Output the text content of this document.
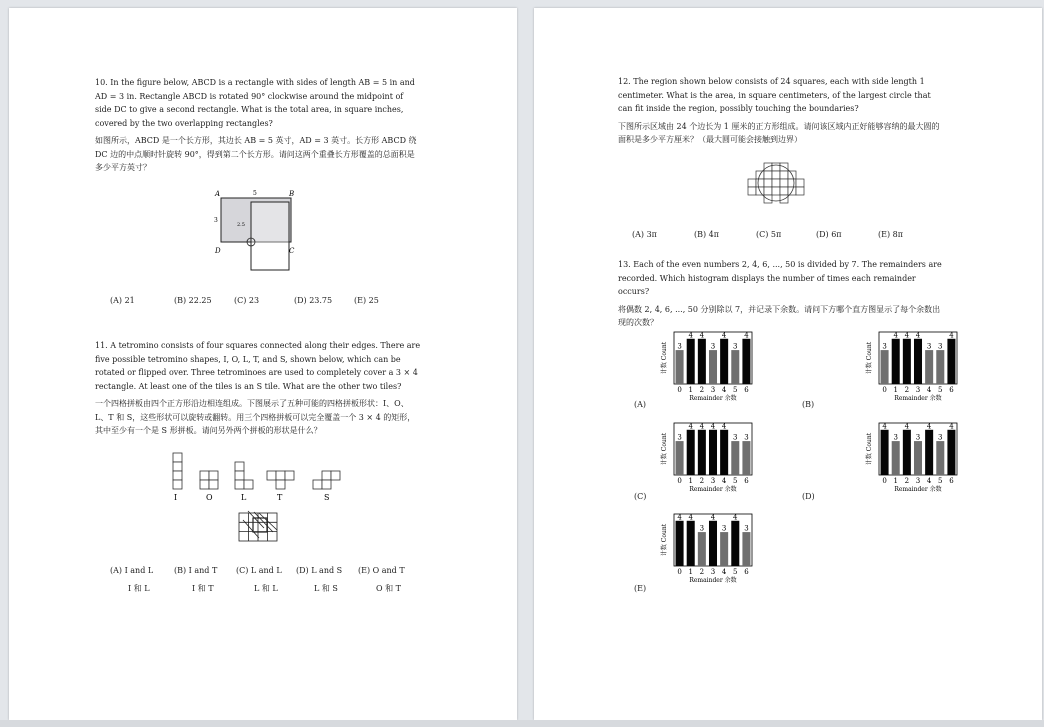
10. In the figure below, ABCD is a rectangle with sides of length AB = 5 in and AD = 3 in. Rectangle ABCD is rotated 90° clockwise around the midpoint of side DC to give a second rectangle. What is the total area, in square inches, covered by the two overlapping rectangles?
如图所示，ABCD 是一个长方形，其边长 AB = 5 英寸，AD = 3 英寸。长方形 ABCD 绕 DC 边的中点顺时针旋转 90°，得到第二个长方形。请问这两个重叠长方形覆盖的总面积是多少平方英寸？
A	B
C
D
5
3
2.5
(A) 21	(B) 22.25	(C) 23	(D) 23.75	(E) 25
11. A tetromino consists of four squares connected along their edges. There are five possible tetromino shapes, I, O, L, T, and S, shown below, which can be rotated or flipped over. Three tetrominoes are used to completely cover a 3 × 4 rectangle. At least one of the tiles is an S tile. What are the other two tiles?
一个四格拼板由四个正方形沿边相连组成。下图展示了五种可能的四格拼板形状：I、O、L、T 和 S，这些形状可以旋转或翻转。用三个四格拼板可以完全覆盖一个 3 × 4 的矩形，其中至少有一个是 S 形拼板。请问另外两个拼板的形状是什么？
I	O	L	T	S
(A) I and L	(B) I and T	(C) L and L	(D) L and S	(E) O and T
I 和 L	I 和 T	L 和 L	L 和 S	O 和 T
12. The region shown below consists of 24 squares, each with side length 1 centimeter. What is the area, in square centimeters, of the largest circle that can fit inside the region, possibly touching the boundaries?
下图所示区域由 24 个边长为 1 厘米的正方形组成。请问该区域内正好能够容纳的最大圆的面积是多少平方厘米？（最大圆可能会接触到边界）
(A) 3π	(B) 4π	(C) 5π	(D) 6π	(E) 8π
13. Each of the even numbers 2, 4, 6, ..., 50 is divided by 7. The remainders are recorded. Which histogram displays the number of times each remainder occurs?
将偶数 2, 4, 6, ..., 50 分别除以 7，并记录下余数。请问下方哪个直方图显示了每个余数出现的次数？
3
0
4
1
4
2
3
3
4
4
3
5
4
6
Remainder 余数
计数 Count
(A)
3
0
4
1
4
2
4
3
3
4
3
5
4
6
Remainder 余数
计数 Count
(B)
3
0
4
1
4
2
4
3
4
4
3
5
3
6
Remainder 余数
计数 Count
(C)
4
0
3
1
4
2
3
3
4
4
3
5
4
6
Remainder 余数
计数 Count
(D)
4
0
4
1
3
2
4
3
3
4
4
5
3
6
Remainder 余数
计数 Count
(E)
